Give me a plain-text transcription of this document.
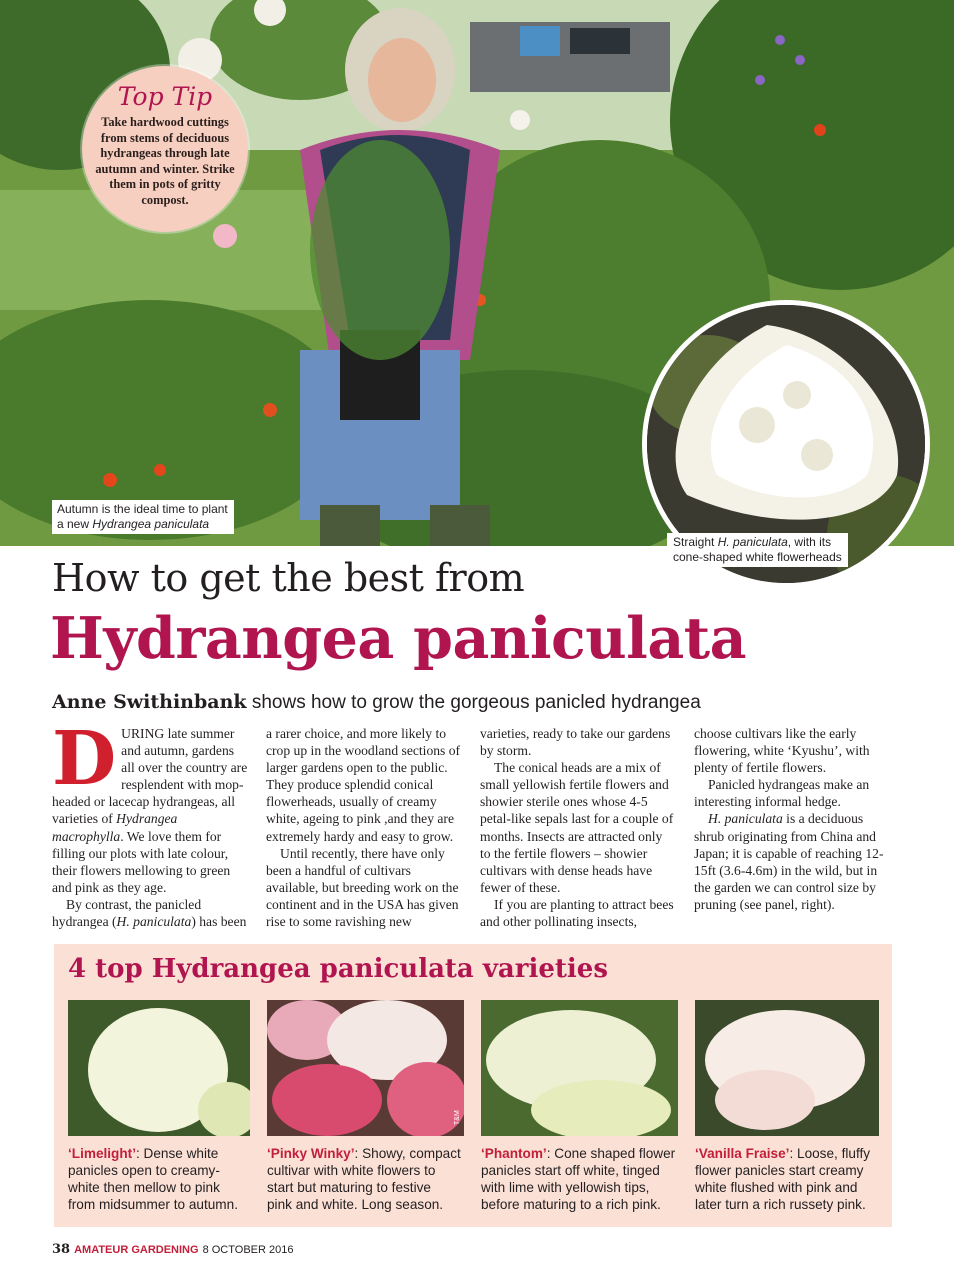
Top Tip
Take hardwood cuttings from stems of deciduous hydrangeas through late autumn and winter. Strike them in pots of gritty compost.
Autumn is the ideal time to plant
a new Hydrangea paniculata
Straight H. paniculata, with its
cone-shaped white flowerheads
How to get the best from
Hydrangea paniculata
Anne Swithinbank shows how to grow the gorgeous panicled hydrangea

DURING late summer and autumn, gardens all over the country are resplendent with mop-headed or lacecap hydrangeas, all varieties of Hydrangea macrophylla. We love them for filling our plots with late colour, their flowers mellowing to green and pink as they age.

By contrast, the panicled hydrangea (H. paniculata) has been

a rarer choice, and more likely to crop up in the woodland sections of larger gardens open to the public. They produce splendid conical flowerheads, usually of creamy white, ageing to pink ,and they are extremely hardy and easy to grow.

Until recently, there have only been a handful of cultivars available, but breeding work on the continent and in the USA has given rise to some ravishing new

varieties, ready to take our gardens by storm.

The conical heads are a mix of small yellowish fertile flowers and showier sterile ones whose 4-5 petal-like sepals last for a couple of months. Insects are attracted only to the fertile flowers – showier cultivars with dense heads have fewer of these.

If you are planting to attract bees and other pollinating insects,

choose cultivars like the early flowering, white ‘Kyushu’, with plenty of fertile flowers.

Panicled hydrangeas make an interesting informal hedge.

H. paniculata is a deciduous shrub originating from China and Japan; it is capable of reaching 12-15ft (3.6-4.6m) in the wild, but in the garden we can control size by pruning (see panel, right).

4 top Hydrangea paniculata varieties
‘Limelight’: Dense white
panicles open to creamy-
white then mellow to pink
from midsummer to autumn.
‘Pinky Winky’: Showy, compact
cultivar with white flowers to
start but maturing to festive
pink and white. Long season.
‘Phantom’: Cone shaped flower
panicles start off white, tinged
with lime with yellowish tips,
before maturing to a rich pink.
‘Vanilla Fraise’: Loose, fluffy
flower panicles start creamy
white flushed with pink and
later turn a rich russety pink.
T&M
38 AMATEUR GARDENING 8 OCTOBER 2016
